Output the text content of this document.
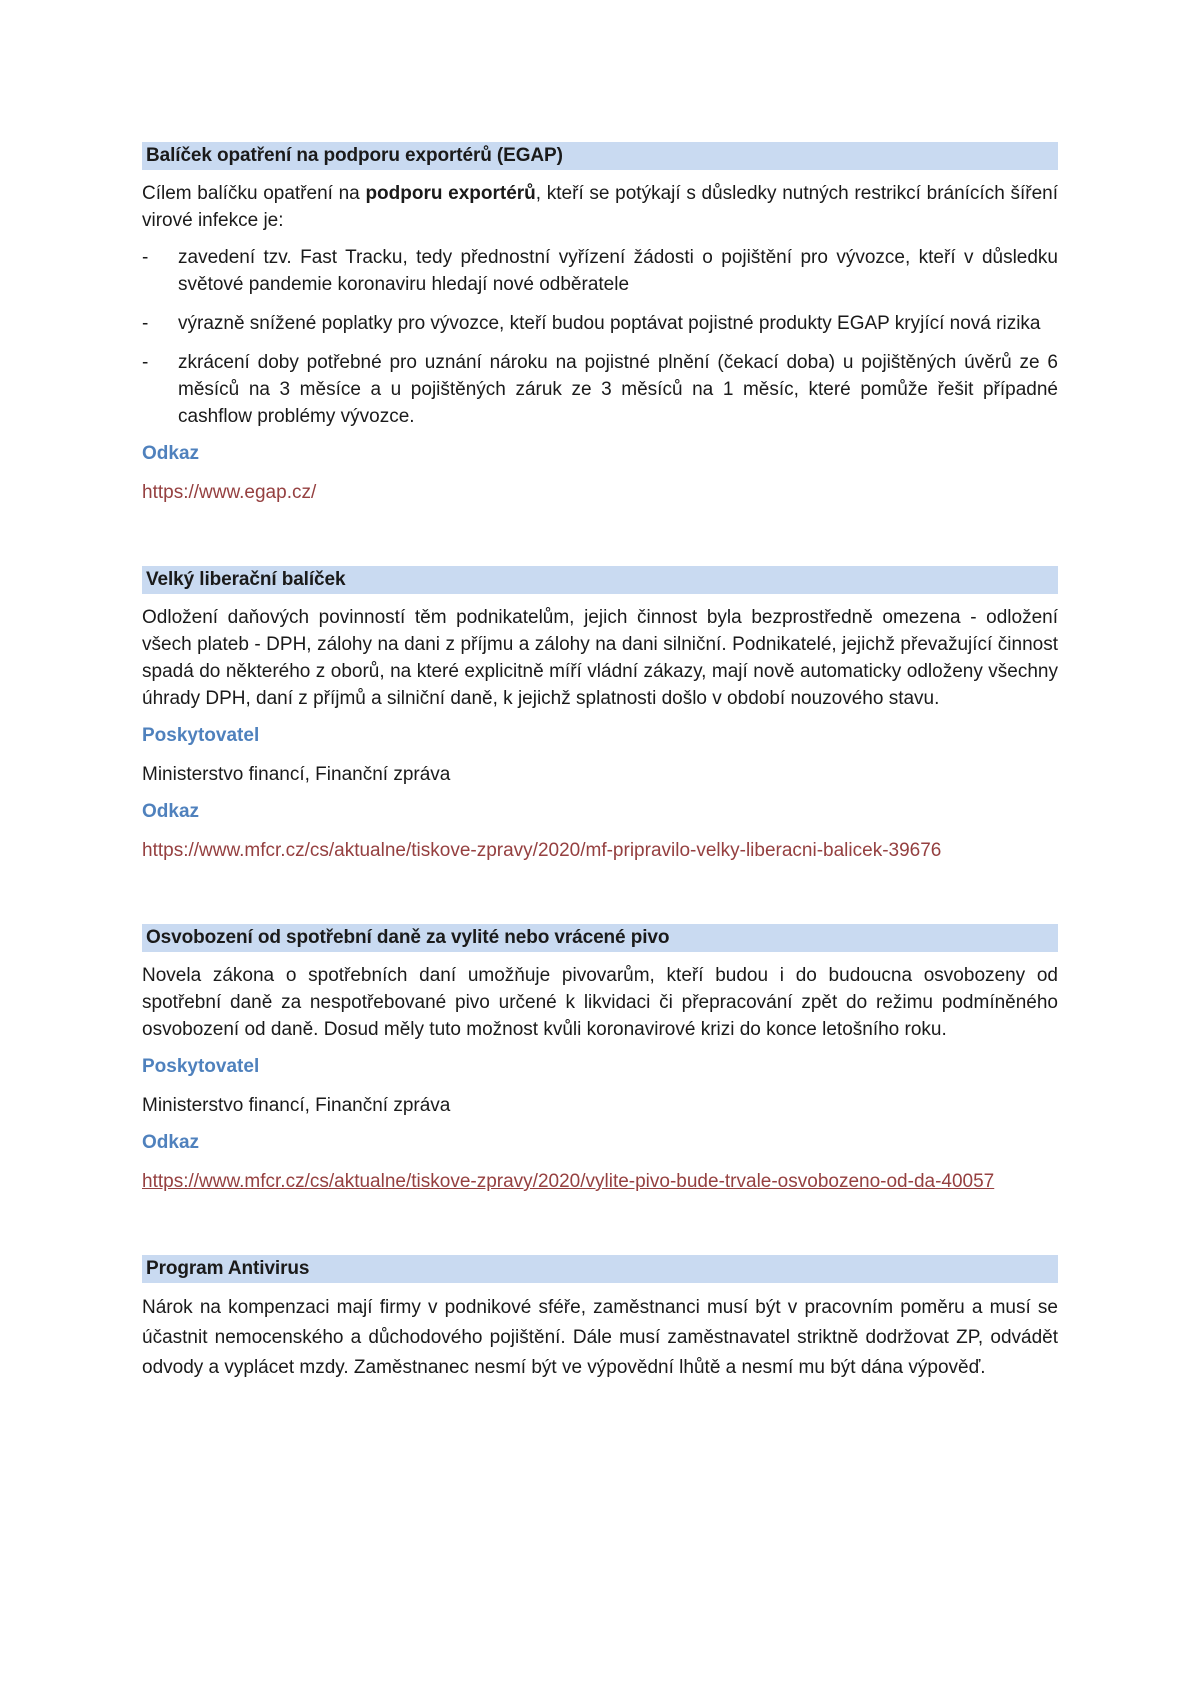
Balíček opatření na podporu exportérů (EGAP)

Cílem balíčku opatření na podporu exportérů, kteří se potýkají s důsledky nutných restrikcí bránících šíření virové infekce je:

- zavedení tzv. Fast Tracku, tedy přednostní vyřízení žádosti o pojištění pro vývozce, kteří v důsledku světové pandemie koronaviru hledají nové odběratele
- výrazně snížené poplatky pro vývozce, kteří budou poptávat pojistné produkty EGAP kryjící nová rizika
- zkrácení doby potřebné pro uznání nároku na pojistné plnění (čekací doba) u pojištěných úvěrů ze 6 měsíců na 3 měsíce a u pojištěných záruk ze 3 měsíců na 1 měsíc, které pomůže řešit případné cashflow problémy vývozce.
Odkaz
https://www.egap.cz/
Velký liberační balíček

Odložení daňových povinností těm podnikatelům, jejich činnost byla bezprostředně omezena - odložení všech plateb - DPH, zálohy na dani z příjmu a zálohy na dani silniční. Podnikatelé, jejichž převažující činnost spadá do některého z oborů, na které explicitně míří vládní zákazy, mají nově automaticky odloženy všechny úhrady DPH, daní z příjmů a silniční daně, k jejichž splatnosti došlo v období nouzového stavu.

Poskytovatel

Ministerstvo financí, Finanční zpráva

Odkaz
https://www.mfcr.cz/cs/aktualne/tiskove-zpravy/2020/mf-pripravilo-velky-liberacni-balicek-39676
Osvobození od spotřební daně za vylité nebo vrácené pivo

Novela zákona o spotřebních daní umožňuje pivovarům, kteří budou i do budoucna osvobozeny od spotřební daně za nespotřebované pivo určené k likvidaci či přepracování zpět do režimu podmíněného osvobození od daně. Dosud měly tuto možnost kvůli koronavirové krizi do konce letošního roku.

Poskytovatel

Ministerstvo financí, Finanční zpráva

Odkaz
https://www.mfcr.cz/cs/aktualne/tiskove-zpravy/2020/vylite-pivo-bude-trvale-osvobozeno-od-da-40057
Program Antivirus

Nárok na kompenzaci mají firmy v podnikové sféře, zaměstnanci musí být v pracovním poměru a musí se účastnit nemocenského a důchodového pojištění. Dále musí zaměstnavatel striktně dodržovat ZP, odvádět odvody a vyplácet mzdy. Zaměstnanec nesmí být ve výpovědní lhůtě a nesmí mu být dána výpověď.
